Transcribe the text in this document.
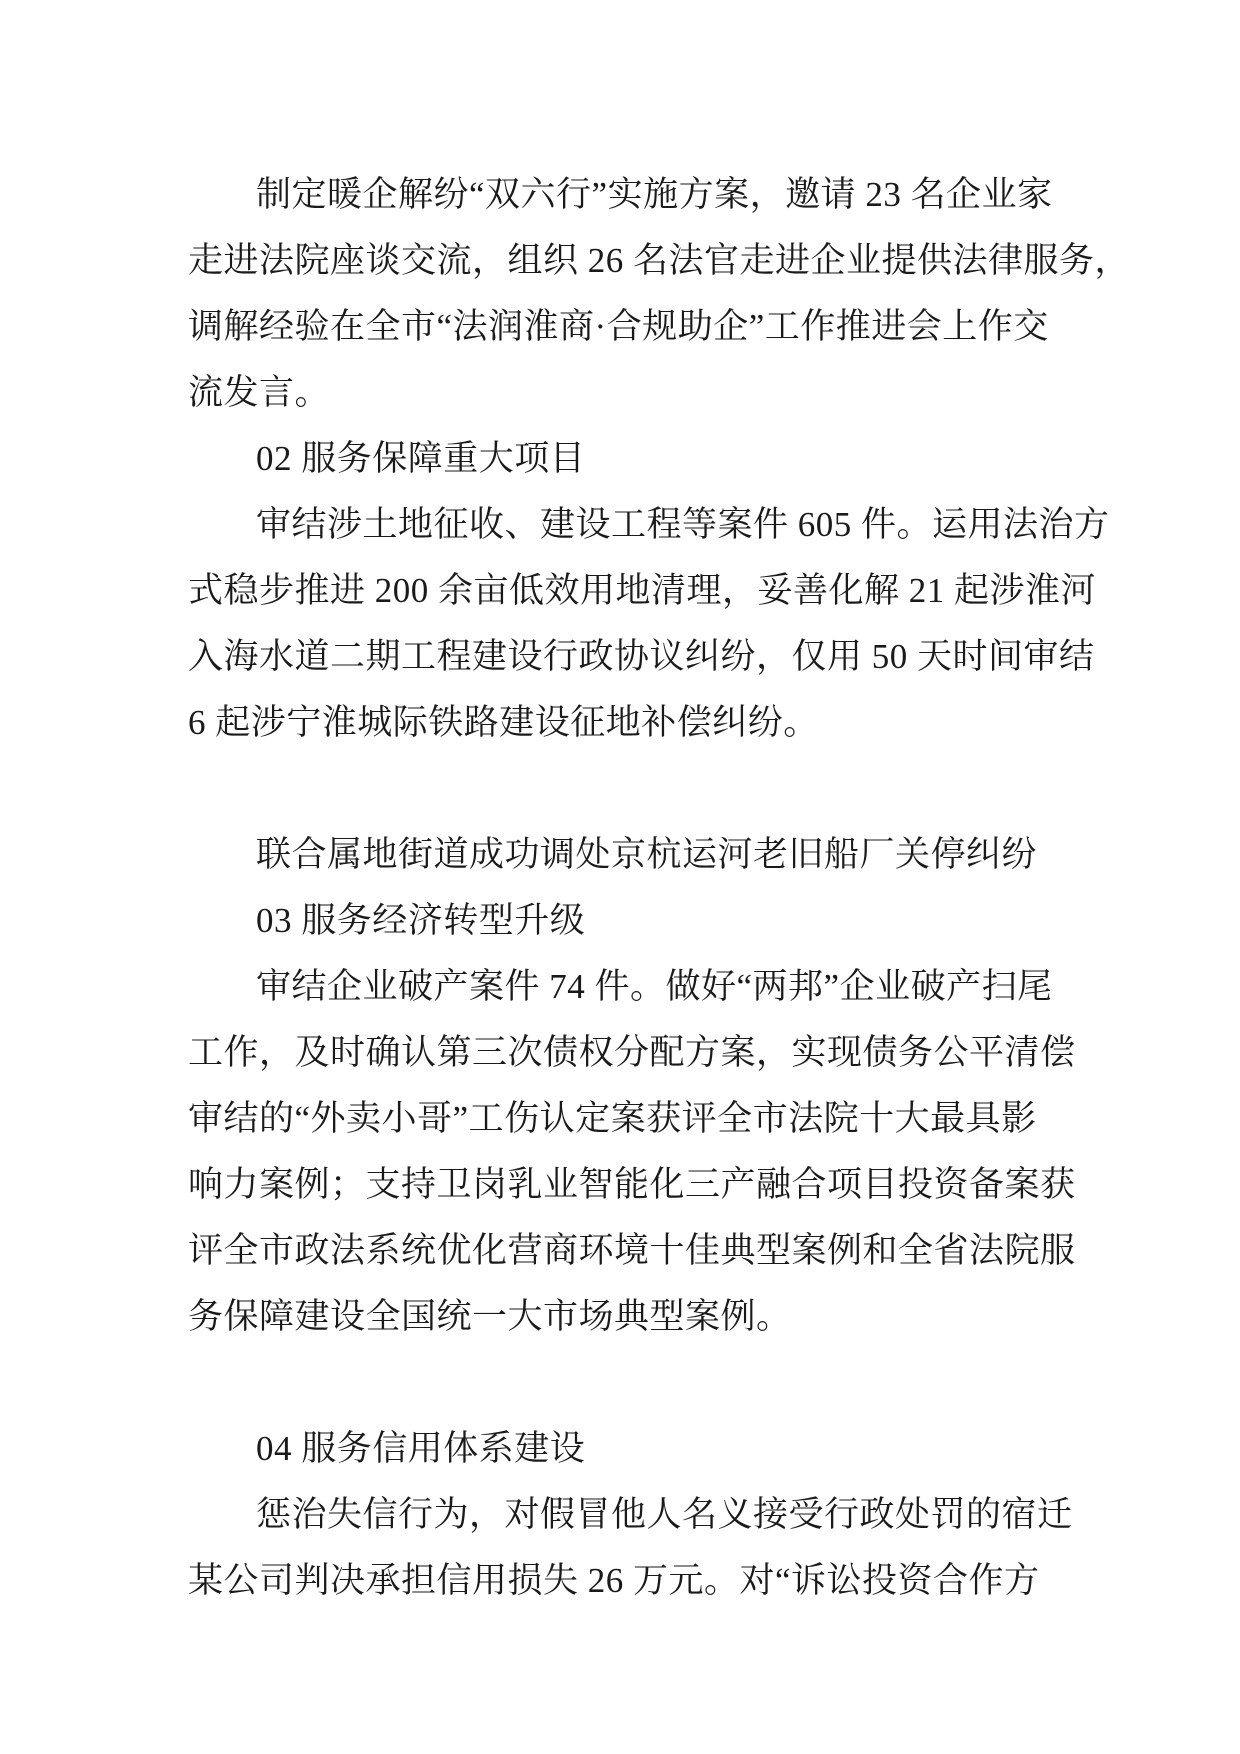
制定暖企解纷“双六行”实施方案，邀请 23 名企业家
走进法院座谈交流，组织 26 名法官走进企业提供法律服务，
调解经验在全市“法润淮商·合规助企”工作推进会上作交
流发言。
02 服务保障重大项目
审结涉土地征收、建设工程等案件 605 件。运用法治方
式稳步推进 200 余亩低效用地清理，妥善化解 21 起涉淮河
入海水道二期工程建设行政协议纠纷，仅用 50 天时间审结
6 起涉宁淮城际铁路建设征地补偿纠纷。
联合属地街道成功调处京杭运河老旧船厂关停纠纷
03 服务经济转型升级
审结企业破产案件 74 件。做好“两邦”企业破产扫尾
工作，及时确认第三次债权分配方案，实现债务公平清偿
审结的“外卖小哥”工伤认定案获评全市法院十大最具影
响力案例；支持卫岗乳业智能化三产融合项目投资备案获
评全市政法系统优化营商环境十佳典型案例和全省法院服
务保障建设全国统一大市场典型案例。
04 服务信用体系建设
惩治失信行为，对假冒他人名义接受行政处罚的宿迁
某公司判决承担信用损失 26 万元。对“诉讼投资合作方
